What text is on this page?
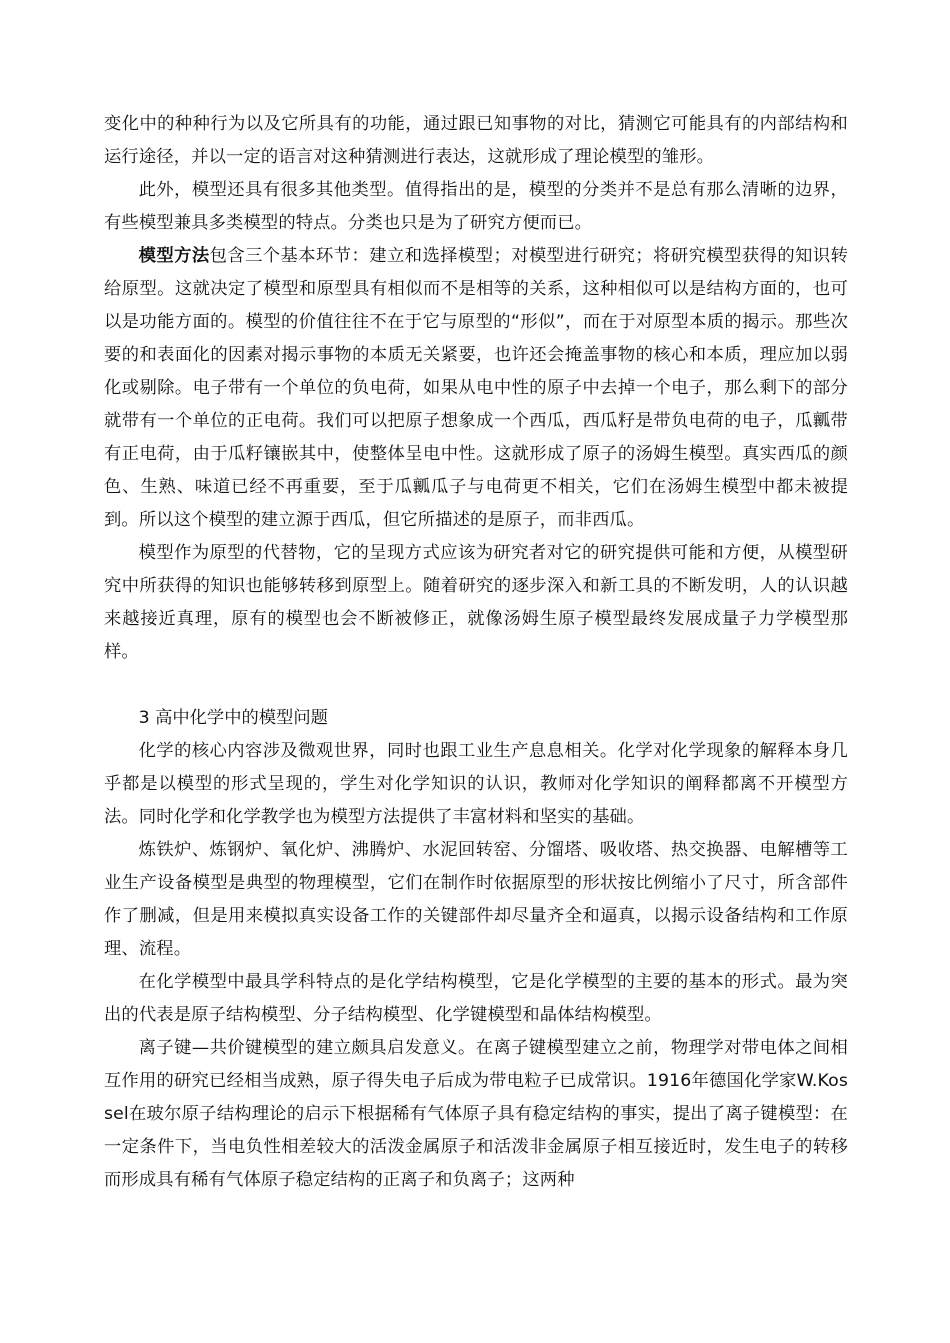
变化中的种种行为以及它所具有的功能，通过跟已知事物的对比，猜测它可能具有的内部结构和运行途径，并以一定的语言对这种猜测进行表达，这就形成了理论模型的雏形。

此外，模型还具有很多其他类型。值得指出的是，模型的分类并不是总有那么清晰的边界，有些模型兼具多类模型的特点。分类也只是为了研究方便而已。

模型方法包含三个基本环节：建立和选择模型；对模型进行研究；将研究模型获得的知识转给原型。这就决定了模型和原型具有相似而不是相等的关系，这种相似可以是结构方面的，也可以是功能方面的。模型的价值往往不在于它与原型的“形似”，而在于对原型本质的揭示。那些次要的和表面化的因素对揭示事物的本质无关紧要，也许还会掩盖事物的核心和本质，理应加以弱化或剔除。电子带有一个单位的负电荷，如果从电中性的原子中去掉一个电子，那么剩下的部分就带有一个单位的正电荷。我们可以把原子想象成一个西瓜，西瓜籽是带负电荷的电子，瓜瓤带有正电荷，由于瓜籽镶嵌其中，使整体呈电中性。这就形成了原子的汤姆生模型。真实西瓜的颜色、生熟、味道已经不再重要，至于瓜瓤瓜子与电荷更不相关，它们在汤姆生模型中都未被提到。所以这个模型的建立源于西瓜，但它所描述的是原子，而非西瓜。

模型作为原型的代替物，它的呈现方式应该为研究者对它的研究提供可能和方便，从模型研究中所获得的知识也能够转移到原型上。随着研究的逐步深入和新工具的不断发明，人的认识越来越接近真理，原有的模型也会不断被修正，就像汤姆生原子模型最终发展成量子力学模型那样。

3 高中化学中的模型问题

化学的核心内容涉及微观世界，同时也跟工业生产息息相关。化学对化学现象的解释本身几乎都是以模型的形式呈现的，学生对化学知识的认识，教师对化学知识的阐释都离不开模型方法。同时化学和化学教学也为模型方法提供了丰富材料和坚实的基础。

炼铁炉、炼钢炉、氧化炉、沸腾炉、水泥回转窑、分馏塔、吸收塔、热交换器、电解槽等工业生产设备模型是典型的物理模型，它们在制作时依据原型的形状按比例缩小了尺寸，所含部件作了删减，但是用来模拟真实设备工作的关键部件却尽量齐全和逼真，以揭示设备结构和工作原理、流程。

在化学模型中最具学科特点的是化学结构模型，它是化学模型的主要的基本的形式。最为突出的代表是原子结构模型、分子结构模型、化学键模型和晶体结构模型。

离子键—共价键模型的建立颇具启发意义。在离子键模型建立之前，物理学对带电体之间相互作用的研究已经相当成熟，原子得失电子后成为带电粒子已成常识。1916年德国化学家W.Kossel在玻尔原子结构理论的启示下根据稀有气体原子具有稳定结构的事实，提出了离子键模型：在一定条件下，当电负性相差较大的活泼金属原子和活泼非金属原子相互接近时，发生电子的转移而形成具有稀有气体原子稳定结构的正离子和负离子；这两种
